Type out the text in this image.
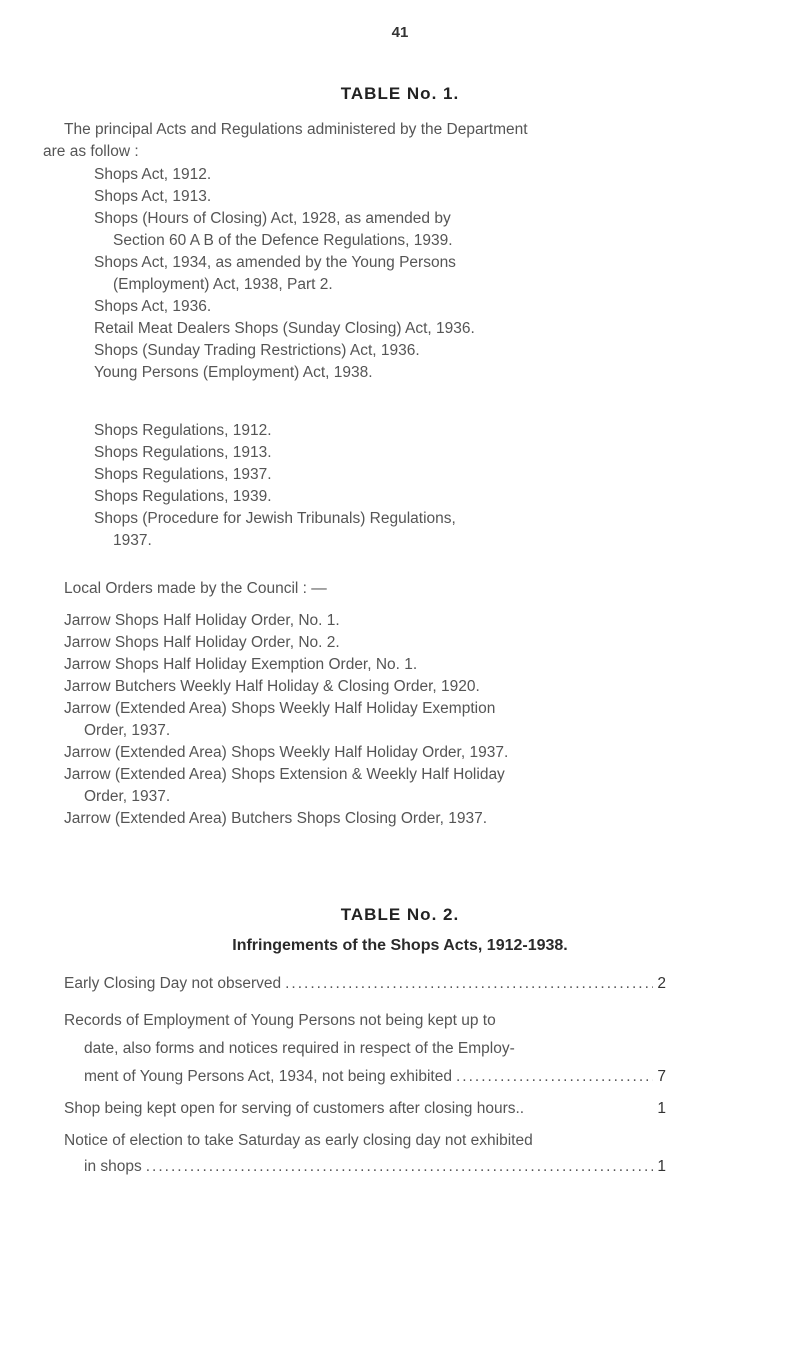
41
TABLE No. 1.
The principal Acts and Regulations administered by the Department
are as follow :
Shops Act, 1912.
Shops Act, 1913.
Shops (Hours of Closing) Act, 1928, as amended by
Section 60 A B of the Defence Regulations, 1939.
Shops Act, 1934, as amended by the Young Persons
(Employment) Act, 1938, Part 2.
Shops Act, 1936.
Retail Meat Dealers Shops (Sunday Closing) Act, 1936.
Shops (Sunday Trading Restrictions) Act, 1936.
Young Persons (Employment) Act, 1938.
Shops Regulations, 1912.
Shops Regulations, 1913.
Shops Regulations, 1937.
Shops Regulations, 1939.
Shops (Procedure for Jewish Tribunals) Regulations,
1937.
Local Orders made by the Council : —
Jarrow Shops Half Holiday Order, No. 1.
Jarrow Shops Half Holiday Order, No. 2.
Jarrow Shops Half Holiday Exemption Order, No. 1.
Jarrow Butchers Weekly Half Holiday & Closing Order, 1920.
Jarrow (Extended Area) Shops Weekly Half Holiday Exemption
Order, 1937.
Jarrow (Extended Area) Shops Weekly Half Holiday Order, 1937.
Jarrow (Extended Area) Shops Extension & Weekly Half Holiday
Order, 1937.
Jarrow (Extended Area) Butchers Shops Closing Order, 1937.
TABLE No. 2.
Infringements of the Shops Acts, 1912-1938.
Early Closing Day not observed .....	2
Records of Employment of Young Persons not being kept up to
date, also forms and notices required in respect of the Employ-
ment of Young Persons Act, 1934, not being exhibited .....	7
Shop being kept open for serving of customers after closing hours..	1
Notice of election to take Saturday as early closing day not exhibited
in shops .....	1
